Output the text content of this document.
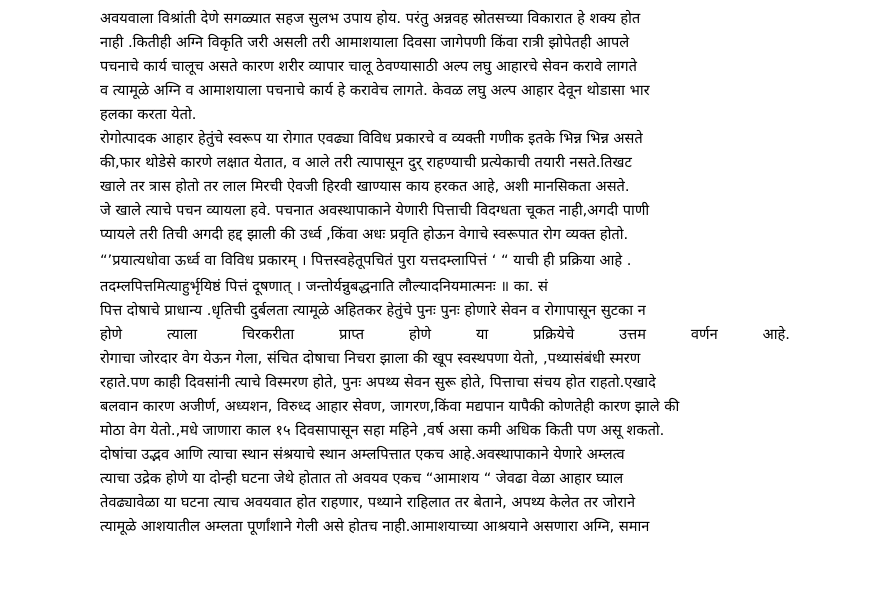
अवयवाला विश्रांती देणे सगळ्यात सहज सुलभ उपाय होय. परंतु अन्नवह स्रोतसच्या विकारात हे शक्य होत
नाही .कितीही अग्नि विकृति जरी असली तरी आमाशयाला दिवसा जागेपणी किंवा रात्री झोपेतही आपले
पचनाचे कार्य चालूच असते कारण शरीर व्यापार चालू ठेवण्यासाठी अल्प लघु आहारचे सेवन करावे लागते
व त्यामूळे अग्नि व आमाशयाला पचनाचे कार्य हे करावेच लागते. केवळ लघु अल्प आहार देवून थोडासा भार
हलका करता येतो.
रोगोत्पादक आहार हेतुंचे स्वरूप या रोगात एवढ्या विविध प्रकारचे व व्यक्ती गणीक इतके भिन्न भिन्न असते
की,फार थोडेसे कारणे लक्षात येतात, व आले तरी त्यापासून दुर् राहण्याची प्रत्येकाची तयारी नसते.तिखट
खाले तर त्रास होतो तर लाल मिरची ऐवजी हिरवी खाण्यास काय हरकत आहे, अशी मानसिकता असते.
जे खाले त्याचे पचन व्यायला हवे. पचनात अवस्थापाकाने येणारी पित्ताची विदग्धता चूकत नाही,अगदी पाणी
प्यायले तरी तिची अगदी हद्द झाली की उर्ध्व ,किंवा अधः प्रवृति होऊन वेगाचे स्वरूपात रोग व्यक्त होतो.
“’प्रयात्यधोवा ऊर्ध्व वा विविध प्रकारम् । पित्तस्वहेतूपचितं पुरा यत्तदम्लापित्तं ‘ “ याची ही प्रक्रिया आहे .
तदम्लपित्तमित्याहुर्भृयिष्ठं पित्तं दूषणात् । जन्तोर्यन्नुबद्धनाति लौल्यादनियमात्मनः ॥ का. सं
पित्त दोषाचे प्राधान्य .धृतिची दुर्बलता त्यामूळे अहितकर हेतुंचे पुनः पुनः होणारे सेवन व रोगापासून सुटका न
होणे	त्याला	चिरकरीता	प्राप्त	होणे	या	प्रक्रियेचे	उत्तम	वर्णन	आहे.
रोगाचा जोरदार वेग येऊन गेला, संचित दोषाचा निचरा झाला की खूप स्वस्थपणा येतो, ,पथ्यासंबंधी स्मरण
रहाते.पण काही दिवसांनी त्याचे विस्मरण होते, पुनः अपथ्य सेवन सुरू होते, पित्ताचा संचय होत राहतो.एखादे
बलवान कारण अजीर्ण, अध्यशन, विरुध्द आहार सेवण, जागरण,किंवा मद्यपान यापैकी कोणतेही कारण झाले की
मोठा वेग येतो.,मधे जाणारा काल १५ दिवसापासून सहा महिने ,वर्ष असा कमी अधिक किती पण असू शकतो.
दोषांचा उद्भव आणि त्याचा स्थान संश्रयाचे स्थान अम्लपित्तात एकच आहे.अवस्थापाकाने येणारे अम्लत्व
त्याचा उद्रेक होणे या दोन्ही घटना जेथे होतात तो अवयव एकच “आमाशय “ जेवढा वेळा आहार घ्याल
तेवढ्यावेळा या घटना त्याच अवयवात होत राहणार, पथ्याने राहिलात तर बेताने, अपथ्य केलेत तर जोराने
त्यामूळे आशयातील अम्लता पूर्णांशाने गेली असे होतच नाही.आमाशयाच्या आश्रयाने असणारा अग्नि, समान
